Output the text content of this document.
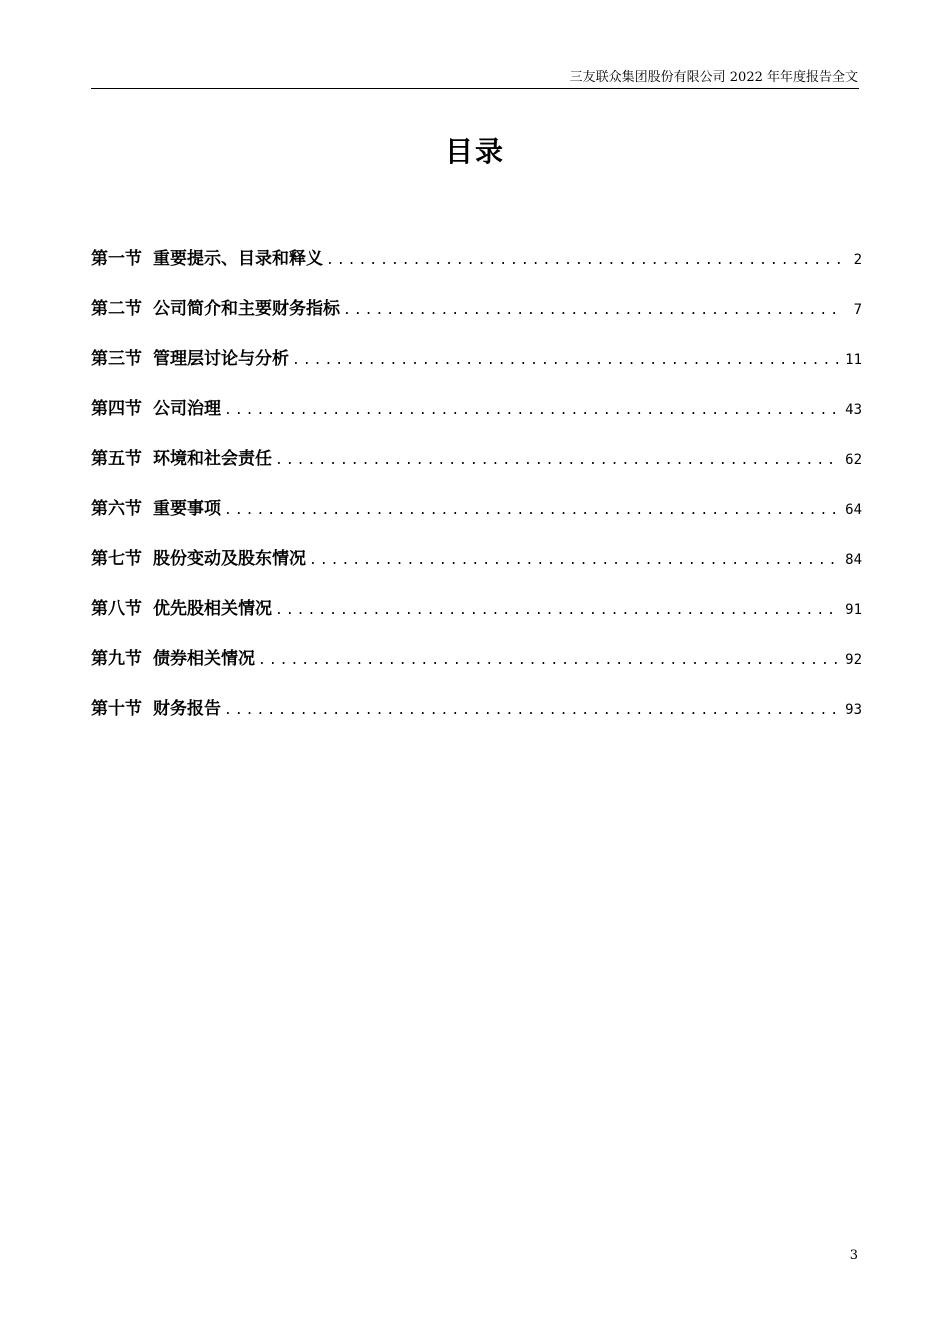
三友联众集团股份有限公司 2022 年年度报告全文
目录
第一节 重要提示、目录和释义 .....	2
第二节 公司简介和主要财务指标 .....	7
第三节 管理层讨论与分析 .....	11
第四节 公司治理 .....	43
第五节 环境和社会责任 .....	62
第六节 重要事项 .....	64
第七节 股份变动及股东情况 .....	84
第八节 优先股相关情况 .....	91
第九节 债券相关情况 .....	92
第十节 财务报告 .....	93
3
